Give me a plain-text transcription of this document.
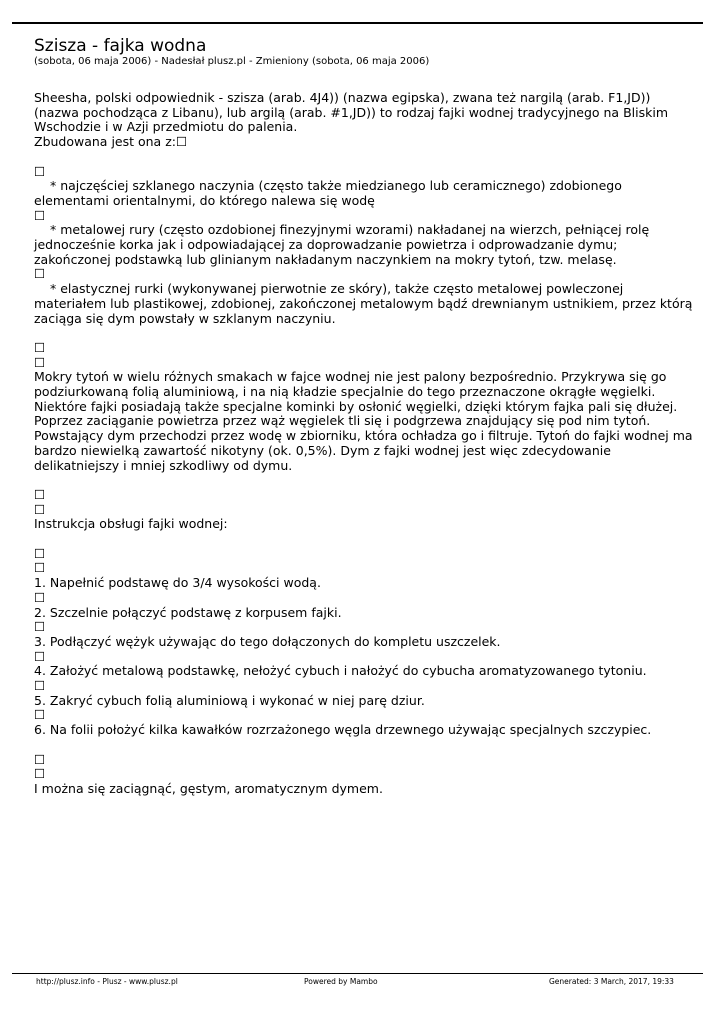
Szisza - fajka wodna
(sobota, 06 maja 2006) - Nadesłał plusz.pl - Zmieniony (sobota, 06 maja 2006)

Sheesha, polski odpowiednik - szisza (arab. 4J4)) (nazwa egipska), zwana też nargilą (arab. F1,JD)) (nazwa pochodząca z Libanu), lub argilą (arab. #1,JD)) to rodzaj fajki wodnej tradycyjnego na Bliskim Wschodzie i w Azji przedmiotu do palenia.

Zbudowana jest ona z:☐

☐

* najczęściej szklanego naczynia (często także miedzianego lub ceramicznego) zdobionego elementami orientalnymi, do którego nalewa się wodę

☐

* metalowej rury (często ozdobionej finezyjnymi wzorami) nakładanej na wierzch, pełniącej rolę jednocześnie korka jak i odpowiadającej za doprowadzanie powietrza i odprowadzanie dymu; zakończonej podstawką lub glinianym nakładanym naczynkiem na mokry tytoń, tzw. melasę.

☐

* elastycznej rurki (wykonywanej pierwotnie ze skóry), także często metalowej powleczonej materiałem lub plastikowej, zdobionej, zakończonej metalowym bądź drewnianym ustnikiem, przez którą zaciąga się dym powstały w szklanym naczyniu.

☐

☐

Mokry tytoń w wielu różnych smakach w fajce wodnej nie jest palony bezpośrednio. Przykrywa się go podziurkowaną folią aluminiową, i na nią kładzie specjalnie do tego przeznaczone okrągłe węgielki. Niektóre fajki posiadają także specjalne kominki by osłonić węgielki, dzięki którym fajka pali się dłużej. Poprzez zaciąganie powietrza przez wąż węgielek tli się i podgrzewa znajdujący się pod nim tytoń. Powstający dym przechodzi przez wodę w zbiorniku, która ochładza go i filtruje. Tytoń do fajki wodnej ma bardzo niewielką zawartość nikotyny (ok. 0,5%). Dym z fajki wodnej jest więc zdecydowanie delikatniejszy i mniej szkodliwy od dymu.

☐

☐

Instrukcja obsługi fajki wodnej:

☐

☐

1. Napełnić podstawę do 3/4 wysokości wodą.

☐

2. Szczelnie połączyć podstawę z korpusem fajki.

☐

3. Podłączyć wężyk używając do tego dołączonych do kompletu uszczelek.

☐

4. Założyć metalową podstawkę, nełożyć cybuch i nałożyć do cybucha aromatyzowanego tytoniu.

☐

5. Zakryć cybuch folią aluminiową i wykonać w niej parę dziur.

☐

6. Na folii położyć kilka kawałków rozrzażonego węgla drzewnego używając specjalnych szczypiec.

☐

☐

I można się zaciągnąć, gęstym, aromatycznym dymem.

http://plusz.info - Plusz - www.plusz.pl	Powered by Mambo	Generated: 3 March, 2017, 19:33
